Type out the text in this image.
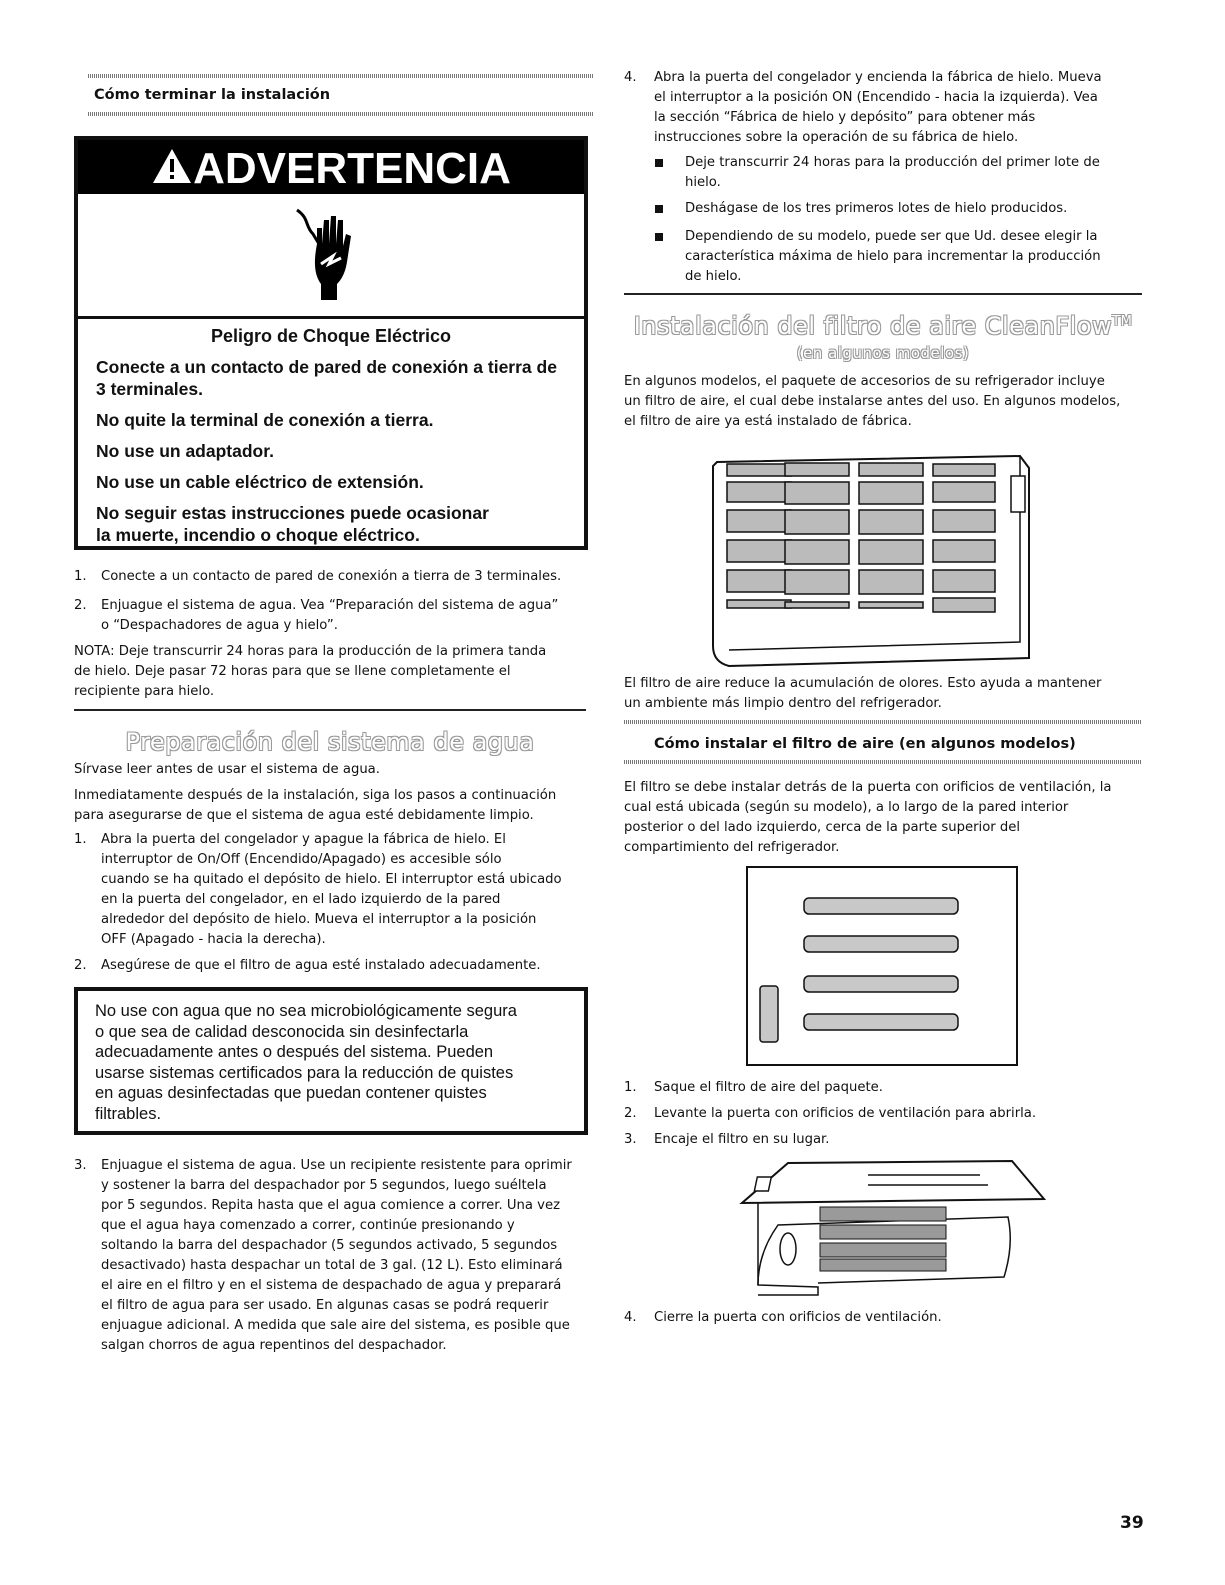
Cómo terminar la instalación
ADVERTENCIA
Peligro de Choque Eléctrico
Conecte a un contacto de pared de conexión a tierra de
3 terminales.
No quite la terminal de conexión a tierra.
No use un adaptador.
No use un cable eléctrico de extensión.
No seguir estas instrucciones puede ocasionar
la muerte, incendio o choque eléctrico.
1. Conecte a un contacto de pared de conexión a tierra de 3 terminales.
2. Enjuague el sistema de agua. Vea “Preparación del sistema de agua”
o “Despachadores de agua y hielo”.
NOTA: Deje transcurrir 24 horas para la producción de la primera tanda
de hielo. Deje pasar 72 horas para que se llene completamente el
recipiente para hielo.
Preparación del sistema de agua
Sírvase leer antes de usar el sistema de agua.
Inmediatamente después de la instalación, siga los pasos a continuación
para asegurarse de que el sistema de agua esté debidamente limpio.
1. Abra la puerta del congelador y apague la fábrica de hielo. El
interruptor de On/Off (Encendido/Apagado) es accesible sólo
cuando se ha quitado el depósito de hielo. El interruptor está ubicado
en la puerta del congelador, en el lado izquierdo de la pared
alrededor del depósito de hielo. Mueva el interruptor a la posición
OFF (Apagado - hacia la derecha).
2. Asegúrese de que el filtro de agua esté instalado adecuadamente.
No use con agua que no sea microbiológicamente segura
o que sea de calidad desconocida sin desinfectarla
adecuadamente antes o después del sistema. Pueden
usarse sistemas certificados para la reducción de quistes
en aguas desinfectadas que puedan contener quistes
filtrables.
3. Enjuague el sistema de agua. Use un recipiente resistente para oprimir
y sostener la barra del despachador por 5 segundos, luego suéltela
por 5 segundos. Repita hasta que el agua comience a correr. Una vez
que el agua haya comenzado a correr, continúe presionando y
soltando la barra del despachador (5 segundos activado, 5 segundos
desactivado) hasta despachar un total de 3 gal. (12 L). Esto eliminará
el aire en el filtro y en el sistema de despachado de agua y preparará
el filtro de agua para ser usado. En algunas casas se podrá requerir
enjuague adicional. A medida que sale aire del sistema, es posible que
salgan chorros de agua repentinos del despachador.
4. Abra la puerta del congelador y encienda la fábrica de hielo. Mueva
el interruptor a la posición ON (Encendido - hacia la izquierda). Vea
la sección “Fábrica de hielo y depósito” para obtener más
instrucciones sobre la operación de su fábrica de hielo.
Deje transcurrir 24 horas para la producción del primer lote de
hielo.
Deshágase de los tres primeros lotes de hielo producidos.
Dependiendo de su modelo, puede ser que Ud. desee elegir la
característica máxima de hielo para incrementar la producción
de hielo.
Instalación del filtro de aire CleanFlow™
(en algunos modelos)
En algunos modelos, el paquete de accesorios de su refrigerador incluye
un filtro de aire, el cual debe instalarse antes del uso. En algunos modelos,
el filtro de aire ya está instalado de fábrica.
El filtro de aire reduce la acumulación de olores. Esto ayuda a mantener
un ambiente más limpio dentro del refrigerador.
Cómo instalar el filtro de aire (en algunos modelos)
El filtro se debe instalar detrás de la puerta con orificios de ventilación, la
cual está ubicada (según su modelo), a lo largo de la pared interior
posterior o del lado izquierdo, cerca de la parte superior del
compartimiento del refrigerador.
1. Saque el filtro de aire del paquete.
2. Levante la puerta con orificios de ventilación para abrirla.
3. Encaje el filtro en su lugar.
4. Cierre la puerta con orificios de ventilación.
39
